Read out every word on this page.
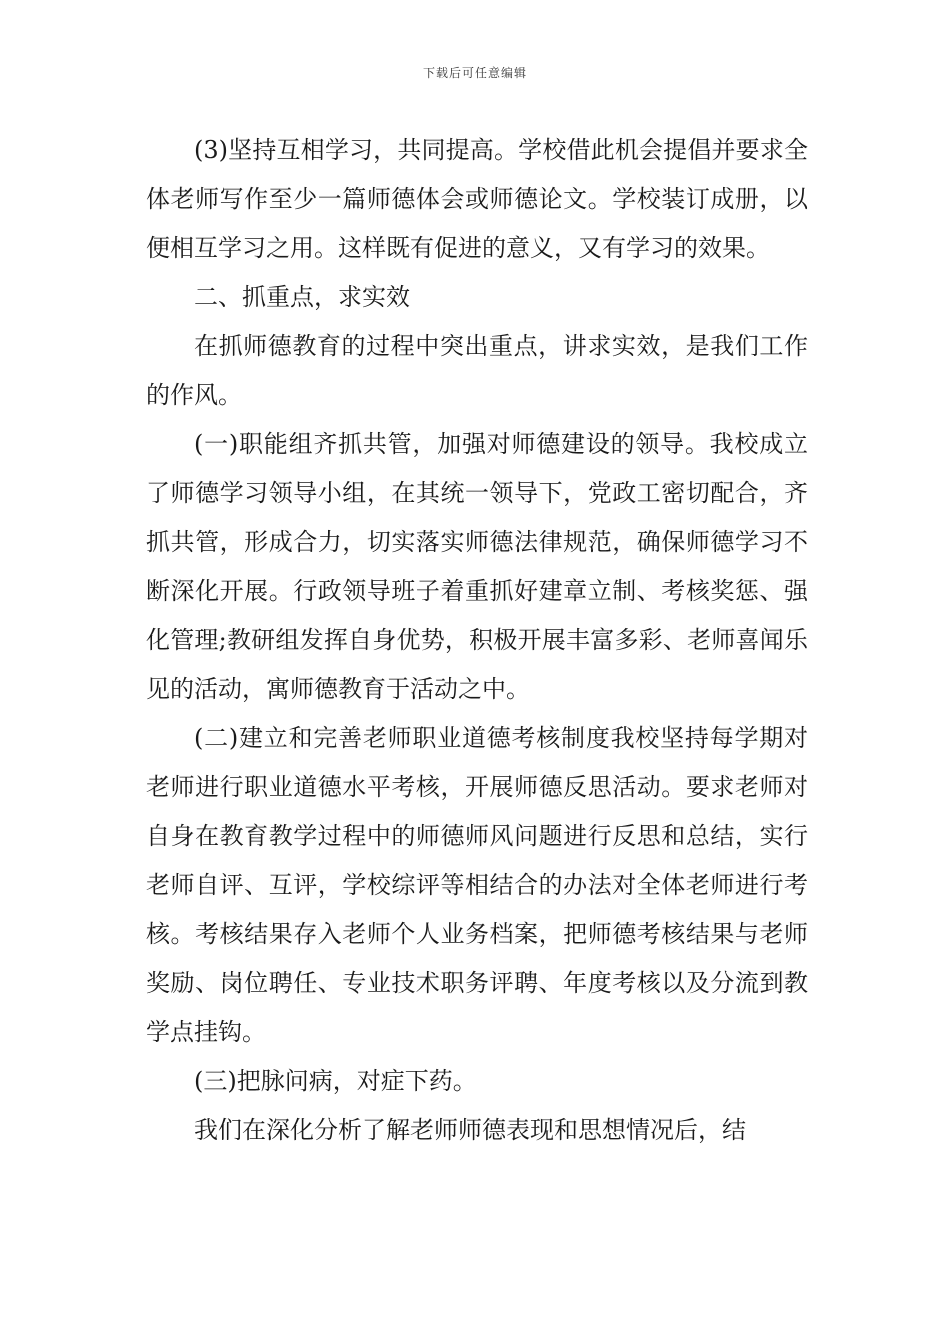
下载后可任意编辑

(3)坚持互相学习，共同提高。学校借此机会提倡并要求全体老师写作至少一篇师德体会或师德论文。学校装订成册，以便相互学习之用。这样既有促进的意义，又有学习的效果。

二、抓重点，求实效

在抓师德教育的过程中突出重点，讲求实效，是我们工作的作风。

(一)职能组齐抓共管，加强对师德建设的领导。我校成立了师德学习领导小组，在其统一领导下，党政工密切配合，齐抓共管，形成合力，切实落实师德法律规范，确保师德学习不断深化开展。行政领导班子着重抓好建章立制、考核奖惩、强化管理;教研组发挥自身优势，积极开展丰富多彩、老师喜闻乐见的活动，寓师德教育于活动之中。

(二)建立和完善老师职业道德考核制度我校坚持每学期对老师进行职业道德水平考核，开展师德反思活动。要求老师对自身在教育教学过程中的师德师风问题进行反思和总结，实行老师自评、互评，学校综评等相结合的办法对全体老师进行考核。考核结果存入老师个人业务档案，把师德考核结果与老师奖励、岗位聘任、专业技术职务评聘、年度考核以及分流到教学点挂钩。

(三)把脉问病，对症下药。

我们在深化分析了解老师师德表现和思想情况后，结
